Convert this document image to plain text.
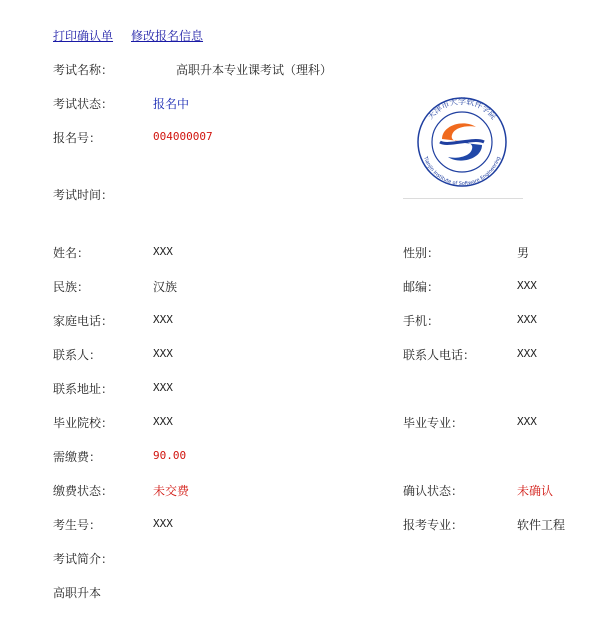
打印确认单 修改报名信息
考试名称：	高职升本专业课考试（理科）
考试状态：	报名中
报名号：	004000007
考试时间：
天津市大学软件学院
Tianjin Institute of Software Engineering
姓名：	XXX	性别：	男
民族：	汉族	邮编：	XXX
家庭电话：	XXX	手机：	XXX
联系人：	XXX	联系人电话：	XXX
联系地址：	XXX
毕业院校：	XXX	毕业专业：	XXX
需缴费：	90.00
缴费状态：	未交费	确认状态：	未确认
考生号：	XXX	报考专业：	软件工程
考试简介：
高职升本
